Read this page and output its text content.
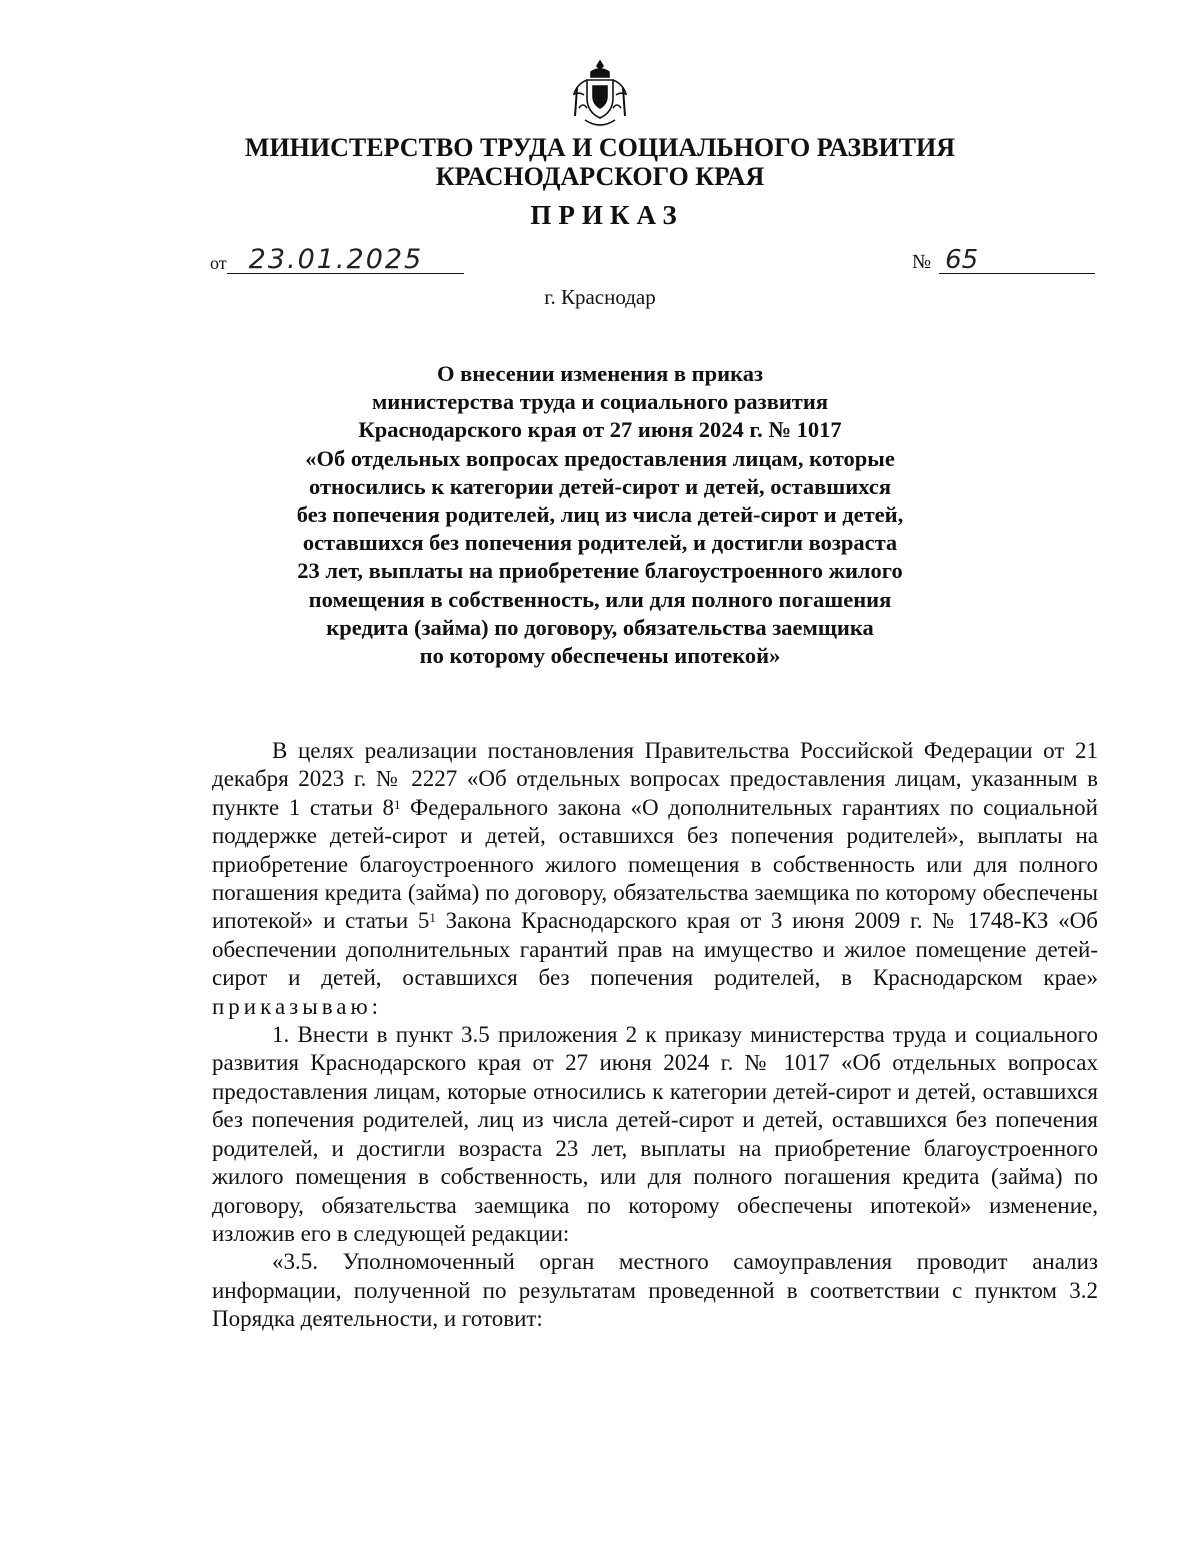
МИНИСТЕРСТВО ТРУДА И СОЦИАЛЬНОГО РАЗВИТИЯ
КРАСНОДАРСКОГО КРАЯ
ПРИКАЗ
от 23.01.2025	№ 65
г. Краснодар
О внесении изменения в приказ
министерства труда и социального развития
Краснодарского края от 27 июня 2024 г. № 1017
«Об отдельных вопросах предоставления лицам, которые
относились к категории детей-сирот и детей, оставшихся
без попечения родителей, лиц из числа детей-сирот и детей,
оставшихся без попечения родителей, и достигли возраста
23 лет, выплаты на приобретение благоустроенного жилого
помещения в собственность, или для полного погашения
кредита (займа) по договору, обязательства заемщика
по которому обеспечены ипотекой»

В целях реализации постановления Правительства Российской Федерации от 21 декабря 2023 г. № 2227 «Об отдельных вопросах предоставления лицам, указанным в пункте 1 статьи $8^1$ Федерального закона «О дополнительных гарантиях по социальной поддержке детей-сирот и детей, оставшихся без попечения родителей», выплаты на приобретение благоустроенного жилого помещения в собственность или для полного погашения кредита (займа) по договору, обязательства заемщика по которому обеспечены ипотекой» и статьи $5^1$ Закона Краснодарского края от 3 июня 2009 г. № 1748-КЗ «Об обеспечении дополнительных гарантий прав на имущество и жилое помещение детей-сирот и детей, оставшихся без попечения родителей, в Краснодарском крае» приказываю:

1. Внести в пункт 3.5 приложения 2 к приказу министерства труда и социального развития Краснодарского края от 27 июня 2024 г. № 1017 «Об отдельных вопросах предоставления лицам, которые относились к категории детей-сирот и детей, оставшихся без попечения родителей, лиц из числа детей-сирот и детей, оставшихся без попечения родителей, и достигли возраста 23 лет, выплаты на приобретение благоустроенного жилого помещения в собственность, или для полного погашения кредита (займа) по договору, обязательства заемщика по которому обеспечены ипотекой» изменение, изложив его в следующей редакции:

«3.5. Уполномоченный орган местного самоуправления проводит анализ информации, полученной по результатам проведенной в соответствии с пунктом 3.2 Порядка деятельности, и готовит:
